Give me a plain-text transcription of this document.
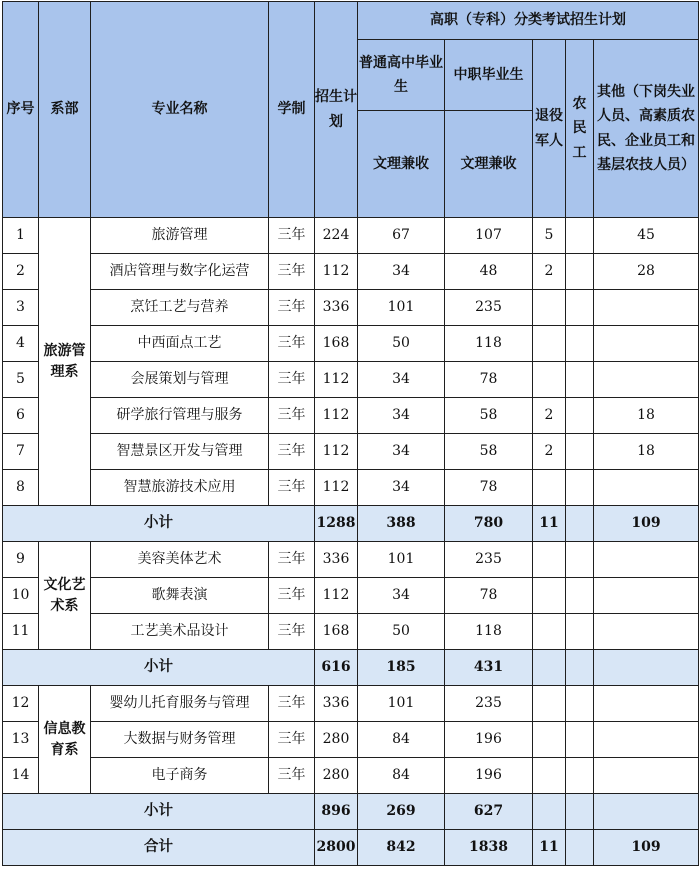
序号	系部	专业名称	学制	招生计划	高职（专科）分类考试招生计划				
					普通高中毕业生	中职毕业生	退役军人	农民工	其他（下岗失业人员、高素质农民、企业员工和基层农技人员）
					文理兼收	文理兼收			
1	旅游管理系	旅游管理	三年	224	67	107	5		45
2		酒店管理与数字化运营	三年	112	34	48	2		28
3		烹饪工艺与营养	三年	336	101	235			
4		中西面点工艺	三年	168	50	118			
5		会展策划与管理	三年	112	34	78			
6		研学旅行管理与服务	三年	112	34	58	2		18
7		智慧景区开发与管理	三年	112	34	58	2		18
8		智慧旅游技术应用	三年	112	34	78			
小计				1288	388	780	11		109
9	文化艺术系	美容美体艺术	三年	336	101	235			
10		歌舞表演	三年	112	34	78			
11		工艺美术品设计	三年	168	50	118			
小计				616	185	431			
12	信息教育系	婴幼儿托育服务与管理	三年	336	101	235			
13		大数据与财务管理	三年	280	84	196			
14		电子商务	三年	280	84	196			
小计				896	269	627			
合计				2800	842	1838	11		109
